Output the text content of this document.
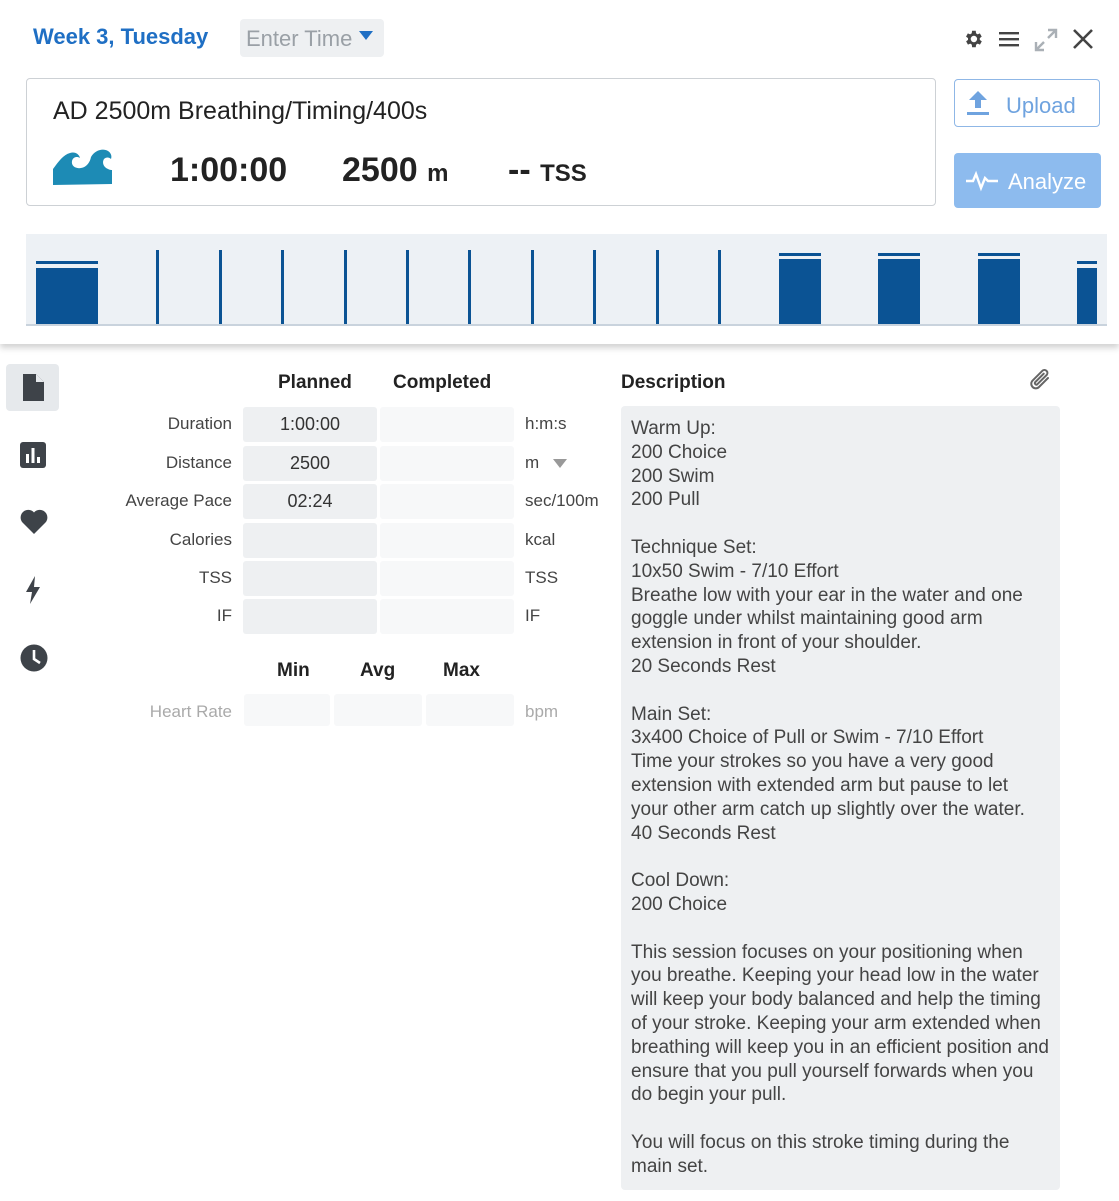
Week 3, Tuesday Enter Time
AD 2500m Breathing/Timing/400s
1:00:00 2500 m -- TSS
Upload
Analyze
Planned Completed
Duration	1:00:00	h:m:s
Distance	2500	m
Average Pace	02:24	sec/100m
Calories	kcal
TSS	TSS
IF	IF
Min	Avg	Max
Heart Rate	bpm
Description
Warm Up:
200 Choice
200 Swim
200 Pull

Technique Set:
10x50 Swim - 7/10 Effort
Breathe low with your ear in the water and one goggle under whilst maintaining good arm extension in front of your shoulder.
20 Seconds Rest

Main Set:
3x400 Choice of Pull or Swim - 7/10 Effort
Time your strokes so you have a very good extension with extended arm but pause to let your other arm catch up slightly over the water.
40 Seconds Rest

Cool Down:
200 Choice

This session focuses on your positioning when you breathe. Keeping your head low in the water will keep your body balanced and help the timing of your stroke. Keeping your arm extended when breathing will keep you in an efficient position and ensure that you pull yourself forwards when you do begin your pull.

You will focus on this stroke timing during the main set.
